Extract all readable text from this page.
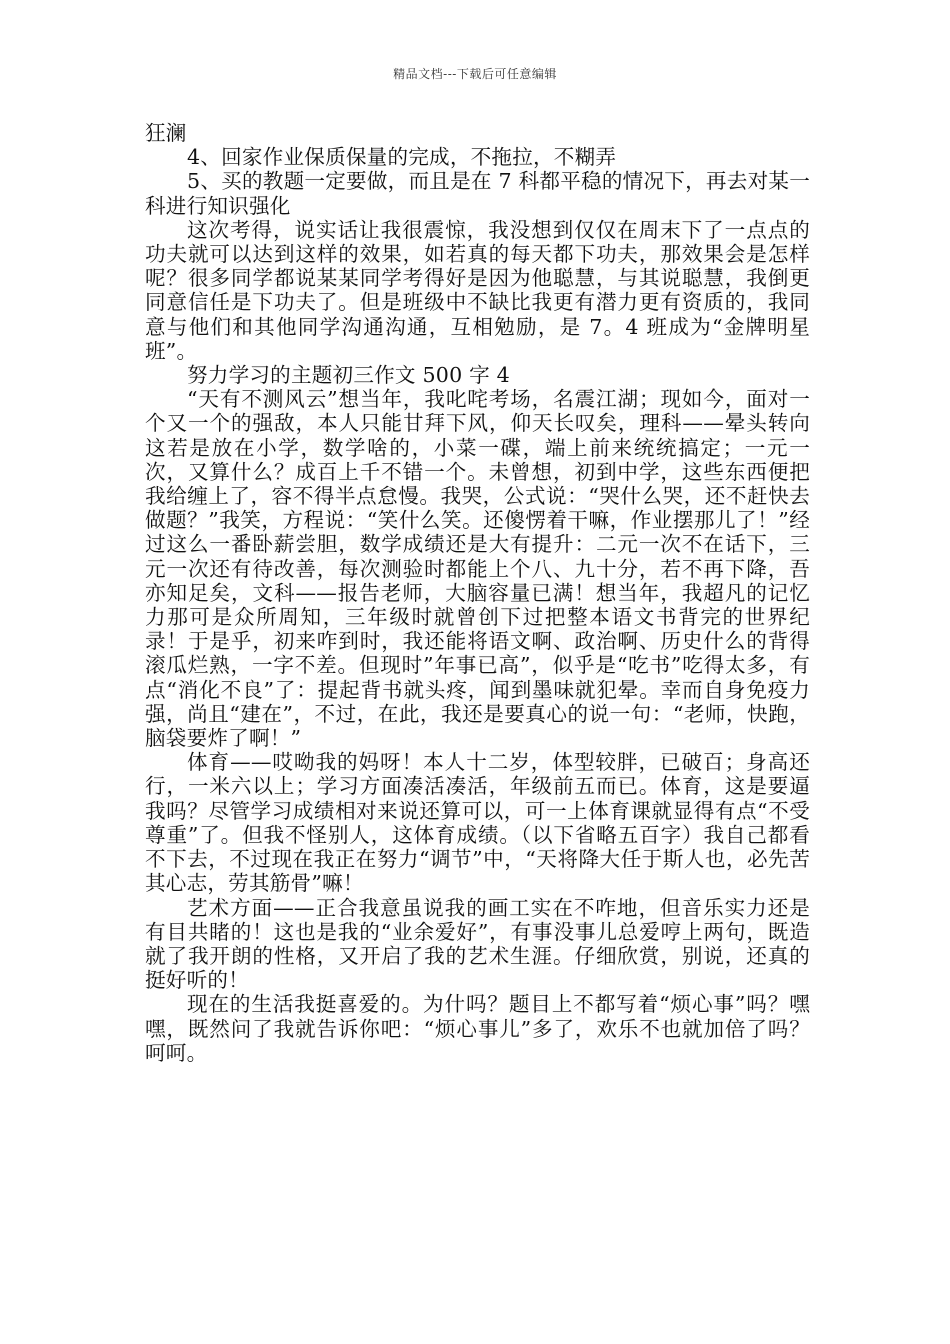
精品文档---下载后可任意编辑

狂澜

4、回家作业保质保量的完成，不拖拉，不糊弄

5、买的教题一定要做，而且是在 7 科都平稳的情况下，再去对某一科进行知识强化

这次考得，说实话让我很震惊，我没想到仅仅在周末下了一点点的功夫就可以达到这样的效果，如若真的每天都下功夫，那效果会是怎样呢？很多同学都说某某同学考得好是因为他聪慧，与其说聪慧，我倒更同意信任是下功夫了。但是班级中不缺比我更有潜力更有资质的，我同意与他们和其他同学沟通沟通，互相勉励，是 7。4 班成为“金牌明星班”。

努力学习的主题初三作文 500 字 4

“天有不测风云”想当年，我叱咤考场，名震江湖；现如今，面对一个又一个的强敌，本人只能甘拜下风，仰天长叹矣，理科——晕头转向这若是放在小学，数学啥的，小菜一碟，端上前来统统搞定；一元一次，又算什么？成百上千不错一个。未曾想，初到中学，这些东西便把我给缠上了，容不得半点怠慢。我哭，公式说：“哭什么哭，还不赶快去做题？”我笑，方程说：“笑什么笑。还傻愣着干嘛，作业摆那儿了！”经过这么一番卧薪尝胆，数学成绩还是大有提升：二元一次不在话下，三元一次还有待改善，每次测验时都能上个八、九十分，若不再下降，吾亦知足矣，文科——报告老师，大脑容量已满！想当年，我超凡的记忆力那可是众所周知，三年级时就曾创下过把整本语文书背完的世界纪录！于是乎，初来咋到时，我还能将语文啊、政治啊、历史什么的背得滚瓜烂熟，一字不差。但现时”年事已高”，似乎是“吃书”吃得太多，有点“消化不良”了：提起背书就头疼，闻到墨味就犯晕。幸而自身免疫力强，尚且“建在”，不过，在此，我还是要真心的说一句：“老师，快跑，脑袋要炸了啊！”

体育——哎呦我的妈呀！本人十二岁，体型较胖，已破百；身高还行，一米六以上；学习方面凑活凑活，年级前五而已。体育，这是要逼我吗？尽管学习成绩相对来说还算可以，可一上体育课就显得有点“不受尊重”了。但我不怪别人，这体育成绩。（以下省略五百字）我自己都看不下去，不过现在我正在努力“调节”中，“天将降大任于斯人也，必先苦其心志，劳其筋骨”嘛！

艺术方面——正合我意虽说我的画工实在不咋地，但音乐实力还是有目共睹的！这也是我的“业余爱好”，有事没事儿总爱哼上两句，既造就了我开朗的性格，又开启了我的艺术生涯。仔细欣赏，别说，还真的挺好听的！

现在的生活我挺喜爱的。为什吗？题目上不都写着“烦心事”吗？嘿嘿，既然问了我就告诉你吧：“烦心事儿”多了，欢乐不也就加倍了吗？呵呵。
